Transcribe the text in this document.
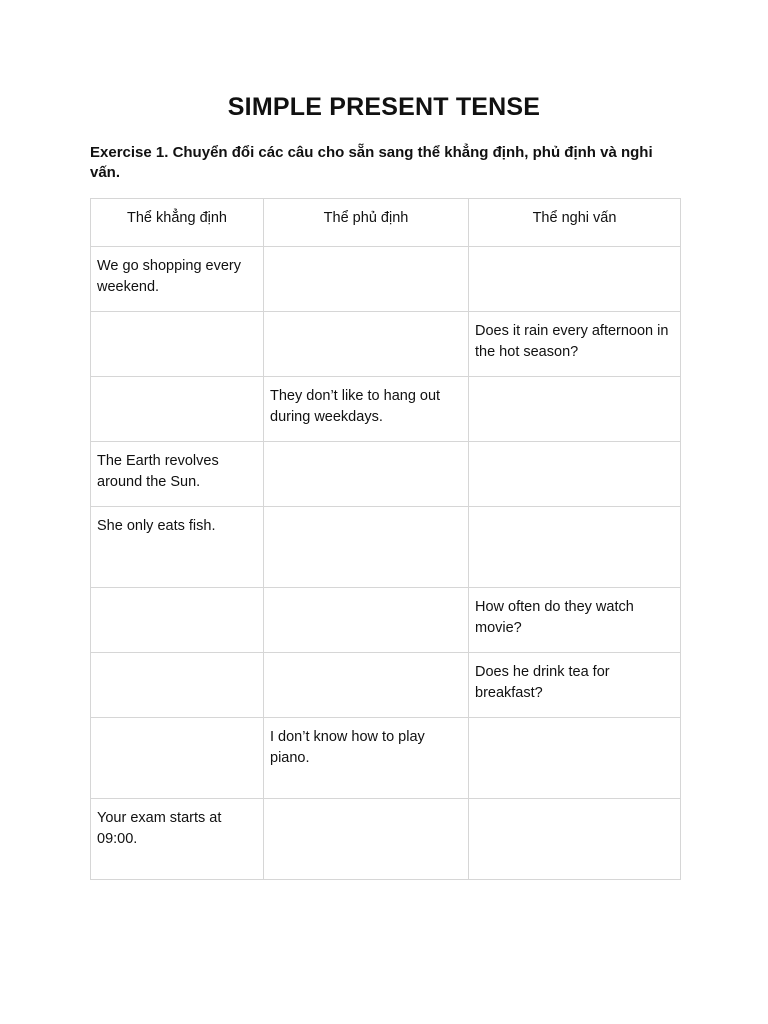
SIMPLE PRESENT TENSE

Exercise 1. Chuyển đổi các câu cho sẵn sang thể khẳng định, phủ định và nghi vấn.

Thể khẳng định	Thể phủ định	Thể nghi vấn
We go shopping every weekend.		
		Does it rain every afternoon in the hot season?
	They don’t like to hang out during weekdays.	
The Earth revolves around the Sun.		
She only eats fish.		
		How often do they watch movie?
		Does he drink tea for breakfast?
	I don’t know how to play piano.	
Your exam starts at 09:00.		
